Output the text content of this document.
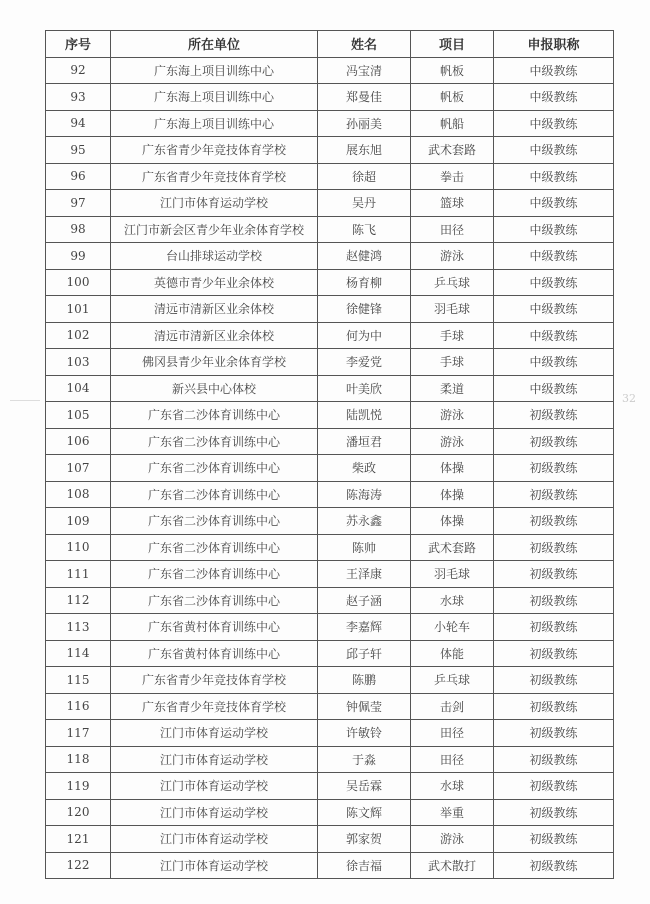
32
序号	所在单位	姓名	项目	申报职称
92	广东海上项目训练中心	冯宝清	帆板	中级教练
93	广东海上项目训练中心	郑曼佳	帆板	中级教练
94	广东海上项目训练中心	孙丽美	帆船	中级教练
95	广东省青少年竞技体育学校	展东旭	武术套路	中级教练
96	广东省青少年竞技体育学校	徐超	拳击	中级教练
97	江门市体育运动学校	吴丹	篮球	中级教练
98	江门市新会区青少年业余体育学校	陈飞	田径	中级教练
99	台山排球运动学校	赵健鸿	游泳	中级教练
100	英德市青少年业余体校	杨育柳	乒乓球	中级教练
101	清远市清新区业余体校	徐健锋	羽毛球	中级教练
102	清远市清新区业余体校	何为中	手球	中级教练
103	佛冈县青少年业余体育学校	李爱党	手球	中级教练
104	新兴县中心体校	叶美欣	柔道	中级教练
105	广东省二沙体育训练中心	陆凯悦	游泳	初级教练
106	广东省二沙体育训练中心	潘垣君	游泳	初级教练
107	广东省二沙体育训练中心	柴政	体操	初级教练
108	广东省二沙体育训练中心	陈海涛	体操	初级教练
109	广东省二沙体育训练中心	苏永鑫	体操	初级教练
110	广东省二沙体育训练中心	陈帅	武术套路	初级教练
111	广东省二沙体育训练中心	王泽康	羽毛球	初级教练
112	广东省二沙体育训练中心	赵子涵	水球	初级教练
113	广东省黄村体育训练中心	李嘉辉	小轮车	初级教练
114	广东省黄村体育训练中心	邱子轩	体能	初级教练
115	广东省青少年竞技体育学校	陈鹏	乒乓球	初级教练
116	广东省青少年竞技体育学校	钟佩莹	击剑	初级教练
117	江门市体育运动学校	许敏铃	田径	初级教练
118	江门市体育运动学校	于淼	田径	初级教练
119	江门市体育运动学校	吴岳霖	水球	初级教练
120	江门市体育运动学校	陈文辉	举重	初级教练
121	江门市体育运动学校	郭家贺	游泳	初级教练
122	江门市体育运动学校	徐吉福	武术散打	初级教练
